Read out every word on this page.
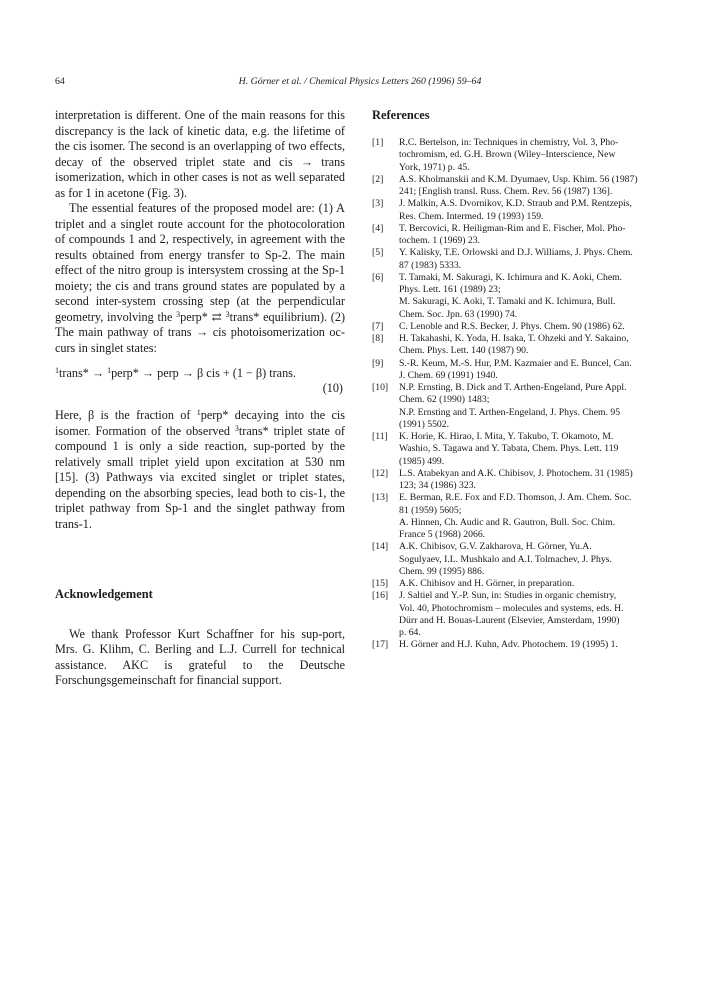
64	H. Görner et al. / Chemical Physics Letters 260 (1996) 59–64

interpretation is different. One of the main reasons for this discrepancy is the lack of kinetic data, e.g. the lifetime of the cis isomer. The second is an overlapping of two effects, decay of the observed triplet state and cis → trans isomerization, which in other cases is not as well separated as for 1 in acetone (Fig. 3).

The essential features of the proposed model are: (1) A triplet and a singlet route account for the photocoloration of compounds 1 and 2, respectively, in agreement with the results obtained from energy transfer to Sp-2. The main effect of the nitro group is intersystem crossing at the Sp-1 moiety; the cis and trans ground states are populated by a second inter-system crossing step (at the perpendicular geometry, involving the $^3$perp* ⇄ $^3$trans* equilibrium). (2) The main pathway of trans → cis photoisomerization oc-curs in singlet states:

$^1$trans* → $^1$perp* → perp → β cis + (1 − β) trans.
(10)

Here, β is the fraction of $^1$perp* decaying into the cis isomer. Formation of the observed $^3$trans* triplet state of compound 1 is only a side reaction, sup-ported by the relatively small triplet yield upon excitation at 530 nm [15]. (3) Pathways via excited singlet or triplet states, depending on the absorbing species, lead both to cis-1, the triplet pathway from Sp-1 and the singlet pathway from trans-1.

Acknowledgement

We thank Professor Kurt Schaffner for his sup-port, Mrs. G. Klihm, C. Berling and L.J. Currell for technical assistance. AKC is grateful to the Deutsche Forschungsgemeinschaft for financial support.

References
[1] R.C. Bertelson, in: Techniques in chemistry, Vol. 3, Pho-
tochromism, ed. G.H. Brown (Wiley–Interscience, New
York, 1971) p. 45.
[2] A.S. Kholmanskii and K.M. Dyumaev, Usp. Khim. 56 (1987)
241; [English transl. Russ. Chem. Rev. 56 (1987) 136].
[3] J. Malkin, A.S. Dvornikov, K.D. Straub and P.M. Rentzepis,
Res. Chem. Intermed. 19 (1993) 159.
[4] T. Bercovici, R. Heiligman-Rim and E. Fischer, Mol. Pho-
tochem. 1 (1969) 23.
[5] Y. Kalisky, T.E. Orlowski and D.J. Williams, J. Phys. Chem.
87 (1983) 5333.
[6] T. Tamaki, M. Sakuragi, K. Ichimura and K. Aoki, Chem.
Phys. Lett. 161 (1989) 23;
M. Sakuragi, K. Aoki, T. Tamaki and K. Ichimura, Bull.
Chem. Soc. Jpn. 63 (1990) 74.
[7] C. Lenoble and R.S. Becker, J. Phys. Chem. 90 (1986) 62.
[8] H. Takahashi, K. Yoda, H. Isaka, T. Ohzeki and Y. Sakaino,
Chem. Phys. Lett. 140 (1987) 90.
[9] S.-R. Keum, M.-S. Hur, P.M. Kazmaier and E. Buncel, Can.
J. Chem. 69 (1991) 1940.
[10] N.P. Ernsting, B. Dick and T. Arthen-Engeland, Pure Appl.
Chem. 62 (1990) 1483;
N.P. Ernsting and T. Arthen-Engeland, J. Phys. Chem. 95
(1991) 5502.
[11] K. Horie, K. Hirao, I. Mita, Y. Takubo, T. Okamoto, M.
Washio, S. Tagawa and Y. Tabata, Chem. Phys. Lett. 119
(1985) 499.
[12] L.S. Atabekyan and A.K. Chibisov, J. Photochem. 31 (1985)
123; 34 (1986) 323.
[13] E. Berman, R.E. Fox and F.D. Thomson, J. Am. Chem. Soc.
81 (1959) 5605;
A. Hinnen, Ch. Audic and R. Gautron, Bull. Soc. Chim.
France 5 (1968) 2066.
[14] A.K. Chibisov, G.V. Zakharova, H. Görner, Yu.A.
Sogulyaev, I.L. Mushkalo and A.I. Tolmachev, J. Phys.
Chem. 99 (1995) 886.
[15] A.K. Chibisov and H. Görner, in preparation.
[16] J. Saltiel and Y.-P. Sun, in: Studies in organic chemistry,
Vol. 40, Photochromism – molecules and systems, eds. H.
Dürr and H. Bouas-Laurent (Elsevier, Amsterdam, 1990)
p. 64.
[17] H. Görner and H.J. Kuhn, Adv. Photochem. 19 (1995) 1.
